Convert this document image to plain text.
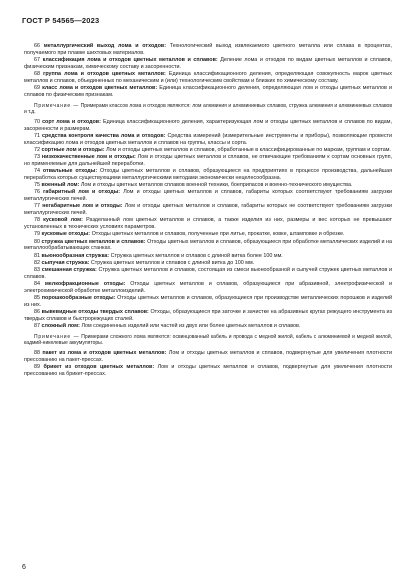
ГОСТ Р 54565—2023

66 металлургический выход лома и отходов: Технологический выход извлекаемого цветного металла или сплава в процентах, получаемого при плавке шихтовых материалов.

67 классификация лома и отходов цветных металлов и сплавов: Деление лома и отходов по видам цветных металлов и сплавов, физическим признакам, химическому составу и засоренности.

68 группа лома и отходов цветных металлов: Единица классификационного деления, определяющая совокупность марок цветных металлов и сплавов, объединенных по механическим и (или) технологическим свойствам и близких по химическому составу.

69 класс лома и отходов цветных металлов: Единица классификационного деления, определяющая лом и отходы цветных металлов и сплавов по физическим признакам.

Примечание — Примерами классов лома и отходов являются: лом алюминия и алюминиевых сплавов, стружка алюминия и алюминиевых сплавов и т.д.

70 сорт лома и отходов: Единица классификационного деления, характеризующая лом и отходы цветных металлов и сплавов по видам, засоренности и размерам.

71 средства контроля качества лома и отходов: Средства измерений (измерительные инструменты и приборы), позволяющие провести классификацию лома и отходов цветных металлов и сплавов на группы, классы и сорта.

72 сортные лом и отходы: Лом и отходы цветных металлов и сплавов, обработанные в классифицированные по маркам, группам и сортам.

73 низкокачественные лом и отходы: Лом и отходы цветных металлов и сплавов, не отвечающие требованиям к сортам основных групп, но применяемые для дальнейшей переработки.

74 отвальные отходы: Отходы цветных металлов и сплавов, образующиеся на предприятиях в процессе производства, дальнейшая переработка которых существующими металлургическими методами экономически нецелесообразна.

75 военный лом: Лом и отходы цветных металлов сплавов военной техники, боеприпасов и военно-технического имущества.

76 габаритный лом и отходы: Лом и отходы цветных металлов и сплавов, габариты которых соответствуют требованиям загрузки металлургических печей.

77 негабаритные лом и отходы: Лом и отходы цветных металлов и сплавов, габариты которых не соответствуют требованиям загрузки металлургических печей.

78 кусковой лом: Разделанный лом цветных металлов и сплавов, а также изделия из них, размеры и вес которых не превышают установленных в технических условиях параметров.

79 кусковые отходы: Отходы цветных металлов и сплавов, полученные при литье, прокатке, ковке, штамповке и обрезке.

80 стружка цветных металлов и сплавов: Отходы цветных металлов и сплавов, образующиеся при обработке металлических изделий и на металлообрабатывающих станках.

81 вьюнообразная стружка: Стружка цветных металлов и сплавов с длиной витка более 100 мм.

82 сыпучая стружка: Стружка цветных металлов и сплавов с длиной витка до 100 мм.

83 смешанная стружка: Стружка цветных металлов и сплавов, состоящая из смеси вьюнообразной и сыпучей стружек цветных металлов и сплавов.

84 мелкофракционные отходы: Отходы цветных металлов и сплавов, образующиеся при абразивной, электрофизической и электрохимической обработке металлоизделий.

85 порошкообразные отходы: Отходы цветных металлов и сплавов, образующиеся при производстве металлических порошков и изделий из них.

86 вывевидные отходы твердых сплавов: Отходы, образующиеся при заточке и зачистке на абразивных кругах режущего инструмента из твердых сплавов и быстрорежущих сталей.

87 сложный лом: Лом соединенных изделий или частей из двух или более цветных металлов и сплавов.

Примечание — Примерами сложного лома являются: освинцованный кабель и провода с медной жилой, кабель с алюминиевой и медной жилой, кадмий-никелевые аккумуляторы.

88 пакет из лома и отходов цветных металлов: Лом и отходы цветных металлов и сплавов, подвергнутые для увеличения плотности прессованию на пакет-прессах.

89 брикет из отходов цветных металлов: Лом и отходы цветных металлов и сплавов, подвергнутые для увеличения плотности прессованию на брикет-прессах.

6
